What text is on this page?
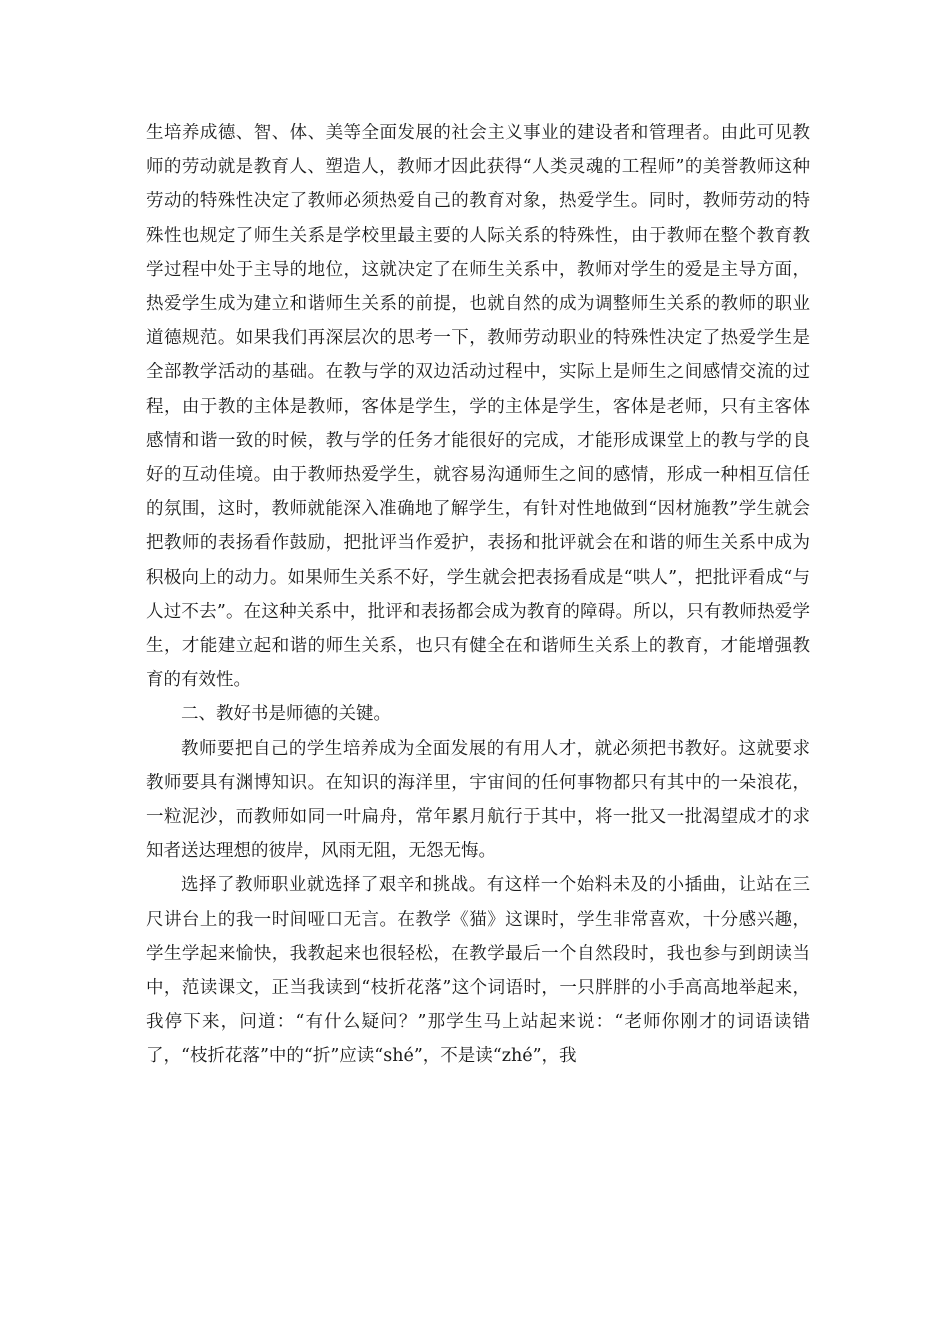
生培养成德、智、体、美等全面发展的社会主义事业的建设者和管理者。由此可见教师的劳动就是教育人、塑造人，教师才因此获得“人类灵魂的工程师”的美誉教师这种劳动的特殊性决定了教师必须热爱自己的教育对象，热爱学生。同时，教师劳动的特殊性也规定了师生关系是学校里最主要的人际关系的特殊性，由于教师在整个教育教学过程中处于主导的地位，这就决定了在师生关系中，教师对学生的爱是主导方面，热爱学生成为建立和谐师生关系的前提，也就自然的成为调整师生关系的教师的职业道德规范。如果我们再深层次的思考一下，教师劳动职业的特殊性决定了热爱学生是全部教学活动的基础。在教与学的双边活动过程中，实际上是师生之间感情交流的过程，由于教的主体是教师，客体是学生，学的主体是学生，客体是老师，只有主客体感情和谐一致的时候，教与学的任务才能很好的完成，才能形成课堂上的教与学的良好的互动佳境。由于教师热爱学生，就容易沟通师生之间的感情，形成一种相互信任的氛围，这时，教师就能深入准确地了解学生，有针对性地做到“因材施教”学生就会把教师的表扬看作鼓励，把批评当作爱护，表扬和批评就会在和谐的师生关系中成为积极向上的动力。如果师生关系不好，学生就会把表扬看成是“哄人”，把批评看成“与人过不去”。在这种关系中，批评和表扬都会成为教育的障碍。所以，只有教师热爱学生，才能建立起和谐的师生关系，也只有健全在和谐师生关系上的教育，才能增强教育的有效性。

二、教好书是师德的关键。

教师要把自己的学生培养成为全面发展的有用人才，就必须把书教好。这就要求教师要具有渊博知识。在知识的海洋里，宇宙间的任何事物都只有其中的一朵浪花，一粒泥沙，而教师如同一叶扁舟，常年累月航行于其中，将一批又一批渴望成才的求知者送达理想的彼岸，风雨无阻，无怨无悔。

选择了教师职业就选择了艰辛和挑战。有这样一个始料未及的小插曲，让站在三尺讲台上的我一时间哑口无言。在教学《猫》这课时，学生非常喜欢，十分感兴趣，学生学起来愉快，我教起来也很轻松，在教学最后一个自然段时，我也参与到朗读当中，范读课文，正当我读到“枝折花落”这个词语时，一只胖胖的小手高高地举起来，我停下来，问道：“有什么疑问？”那学生马上站起来说：“老师你刚才的词语读错了，“枝折花落”中的“折”应读“shé”，不是读“zhé”，我
